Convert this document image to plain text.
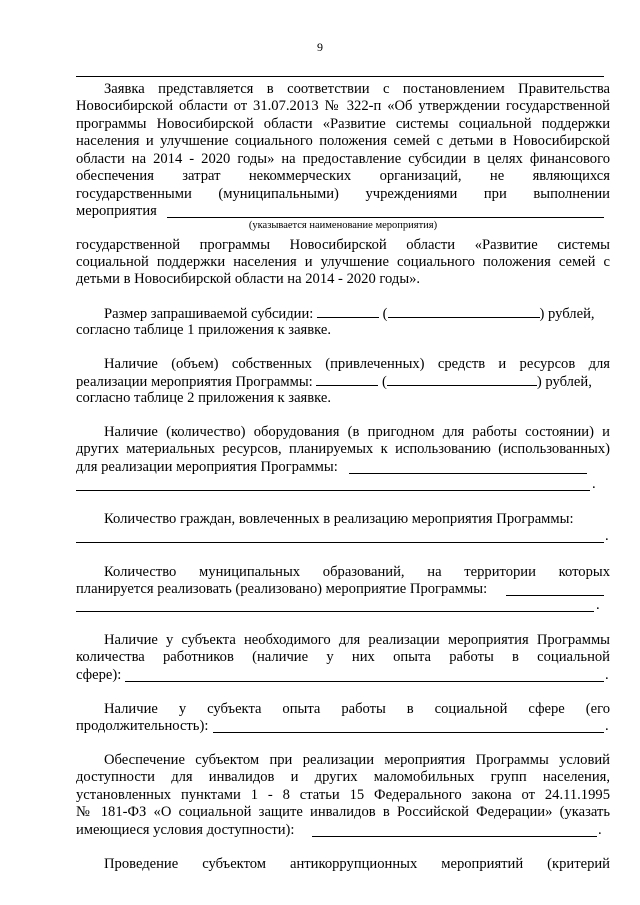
9

Заявка представляется в соответствии с постановлением Правительства

Новосибирской области от 31.07.2013 № 322-п «Об утверждении государственной

программы Новосибирской области «Развитие системы социальной поддержки

населения и улучшение социального положения семей с детьми в Новосибирской

области на 2014 - 2020 годы» на предоставление субсидии в целях финансового

обеспечения затрат некоммерческих организаций, не являющихся

государственными (муниципальными) учреждениями при выполнении

мероприятия

(указывается наименование мероприятия)

государственной программы Новосибирской области «Развитие системы

социальной поддержки населения и улучшение социального положения семей с

детьми в Новосибирской области на 2014 - 2020 годы».

Размер запрашиваемой субсидии:	(	) рублей,

согласно таблице 1 приложения к заявке.

Наличие (объем) собственных (привлеченных) средств и ресурсов для

реализации мероприятия Программы:	(	) рублей,

согласно таблице 2 приложения к заявке.

Наличие (количество) оборудования (в пригодном для работы состоянии) и

других материальных ресурсов, планируемых к использованию (использованных)

для реализации мероприятия Программы:

.

Количество граждан, вовлеченных в реализацию мероприятия Программы:

.

Количество муниципальных образований, на территории которых

планируется реализовать (реализовано) мероприятие Программы:

.

Наличие у субъекта необходимого для реализации мероприятия Программы

количества работников (наличие у них опыта работы в социальной

сфере):	.

Наличие у субъекта опыта работы в социальной сфере (его

продолжительность):	.

Обеспечение субъектом при реализации мероприятия Программы условий

доступности для инвалидов и других маломобильных групп населения,

установленных пунктами 1 - 8 статьи 15 Федерального закона от 24.11.1995

№ 181-ФЗ «О социальной защите инвалидов в Российской Федерации» (указать

имеющиеся условия доступности):	.

Проведение субъектом антикоррупционных мероприятий (критерий
